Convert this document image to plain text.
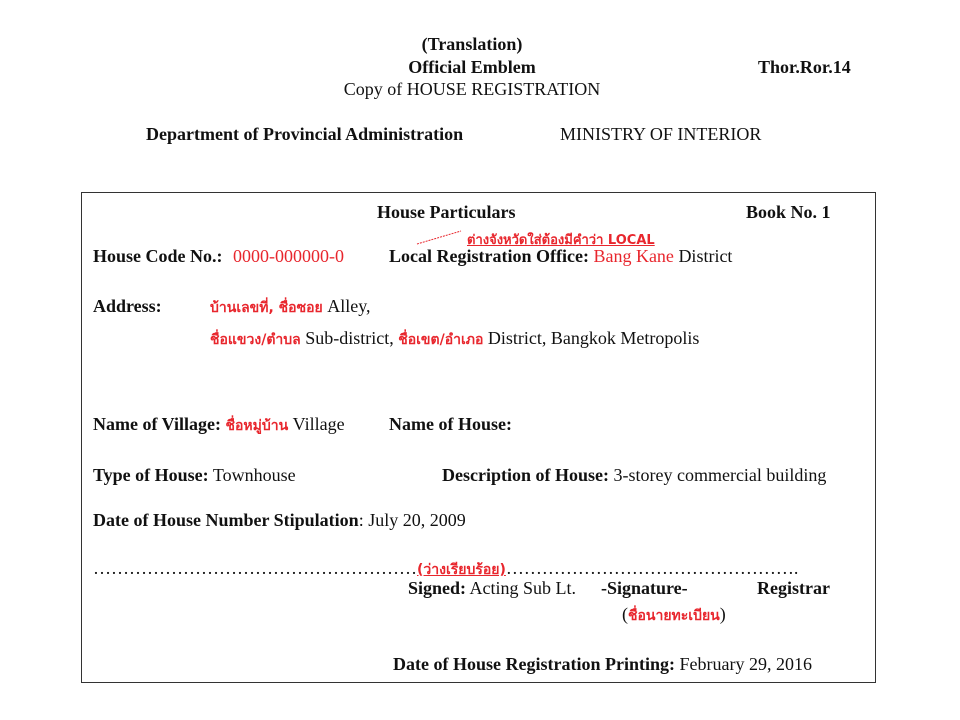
(Translation)
Official Emblem	Thor.Ror.14
Copy of HOUSE REGISTRATION
Department of Provincial Administration	MINISTRY OF INTERIOR
House Particulars	Book No. 1
ต่างจังหวัดใส่ต้องมีคำว่า LOCAL
House Code No.: 0000-000000-0	Local Registration Office: Bang Kane District
Address:	บ้านเลขที่, ชื่อซอย Alley,
ชื่อแขวง/ตำบล Sub-district, ชื่อเขต/อำเภอ District, Bangkok Metropolis
Name of Village: ชื่อหมู่บ้าน Village Name of House:
Type of House: Townhouse	Description of House: 3-storey commercial building
Date of House Number Stipulation: July 20, 2009
………………………………………………(ว่างเรียบร้อย)………………………………………….
Signed: Acting Sub Lt. -Signature-	Registrar
(ชื่อนายทะเบียน)
Date of House Registration Printing: February 29, 2016
